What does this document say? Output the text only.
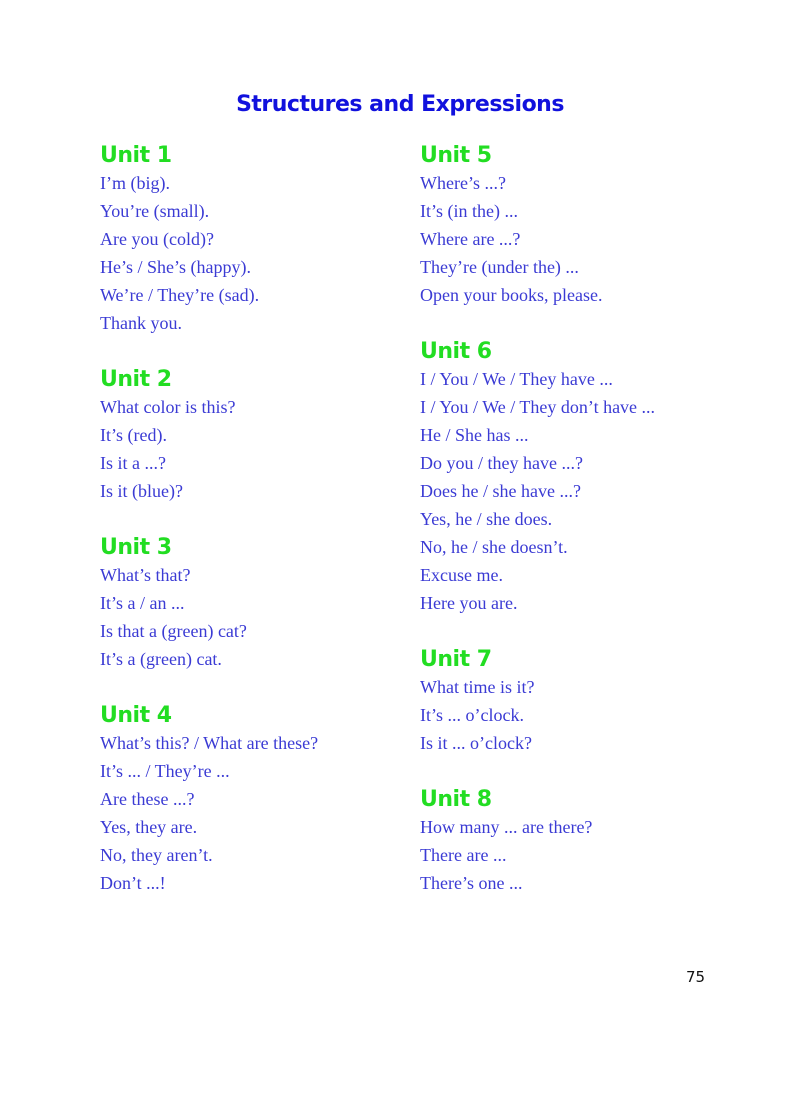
Structures and Expressions
Unit 1
I’m (big).
You’re (small).
Are you (cold)?
He’s / She’s (happy).
We’re / They’re (sad).
Thank you.
Unit 2
What color is this?
It’s (red).
Is it a ...?
Is it (blue)?
Unit 3
What’s that?
It’s a / an ...
Is that a (green) cat?
It’s a (green) cat.
Unit 4
What’s this? / What are these?
It’s ... / They’re ...
Are these ...?
Yes, they are.
No, they aren’t.
Don’t ...!
Unit 5
Where’s ...?
It’s (in the) ...
Where are ...?
They’re (under the) ...
Open your books, please.
Unit 6
I / You / We / They have ...
I / You / We / They don’t have ...
He / She has ...
Do you / they have ...?
Does he / she have ...?
Yes, he / she does.
No, he / she doesn’t.
Excuse me.
Here you are.
Unit 7
What time is it?
It’s ... o’clock.
Is it ... o’clock?
Unit 8
How many ... are there?
There are ...
There’s one ...
75
